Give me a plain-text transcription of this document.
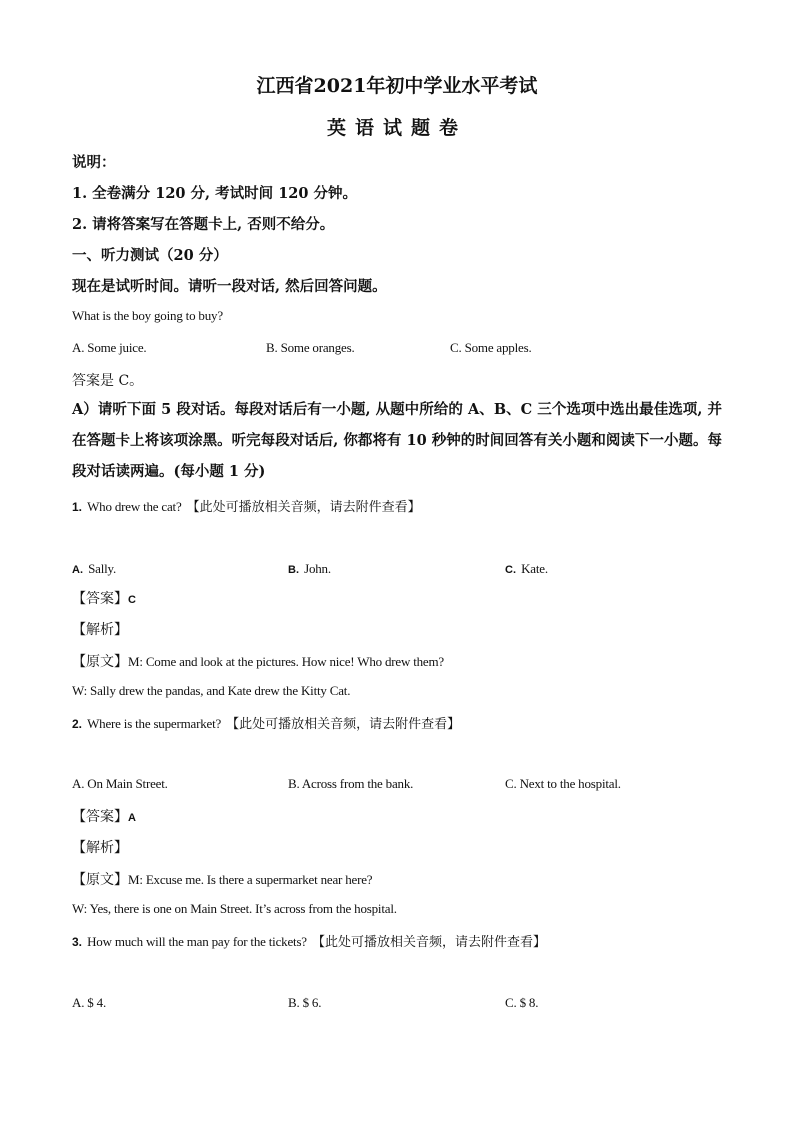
江西省2021年初中学业水平考试
英语试题卷
说明：
1. 全卷满分 120 分, 考试时间 120 分钟。
2. 请将答案写在答题卡上, 否则不给分。
一、听力测试（20 分）
现在是试听时间。请听一段对话, 然后回答问题。
What is the boy going to buy?
A. Some juice.	B. Some oranges.	C. Some apples.
答案是 C。
A）请听下面 5 段对话。每段对话后有一小题, 从题中所给的 A、B、C 三个选项中选出最佳选项, 并在答题卡上将该项涂黑。听完每段对话后, 你都将有 10 秒钟的时间回答有关小题和阅读下一小题。每段对话读两遍。(每小题 1 分)
1. Who drew the cat? 【此处可播放相关音频，请去附件查看】
A. Sally.	B. John.	C. Kate.
【答案】C
【解析】
【原文】M: Come and look at the pictures. How nice! Who drew them?
W: Sally drew the pandas, and Kate drew the Kitty Cat.
2. Where is the supermarket? 【此处可播放相关音频，请去附件查看】
A. On Main Street.	B. Across from the bank.	C. Next to the hospital.
【答案】A
【解析】
【原文】M: Excuse me. Is there a supermarket near here?
W: Yes, there is one on Main Street. It’s across from the hospital.
3. How much will the man pay for the tickets? 【此处可播放相关音频，请去附件查看】
A. $ 4.	B. $ 6.	C. $ 8.
